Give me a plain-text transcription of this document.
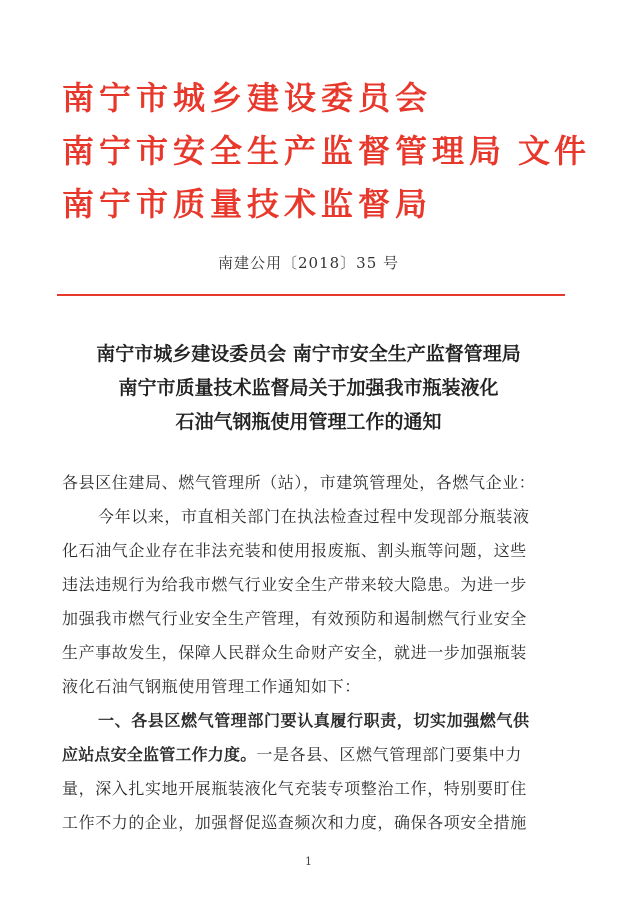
南宁市城乡建设委员会
南宁市安全生产监督管理局 文件
南宁市质量技术监督局
南建公用〔2018〕35 号
南宁市城乡建设委员会 南宁市安全生产监督管理局
南宁市质量技术监督局关于加强我市瓶装液化
石油气钢瓶使用管理工作的通知

各县区住建局、燃气管理所（站），市建筑管理处，各燃气企业：

今年以来，市直相关部门在执法检查过程中发现部分瓶装液

化石油气企业存在非法充装和使用报废瓶、割头瓶等问题，这些

违法违规行为给我市燃气行业安全生产带来较大隐患。为进一步

加强我市燃气行业安全生产管理，有效预防和遏制燃气行业安全

生产事故发生，保障人民群众生命财产安全，就进一步加强瓶装

液化石油气钢瓶使用管理工作通知如下：

一、各县区燃气管理部门要认真履行职责，切实加强燃气供

应站点安全监管工作力度。一是各县、区燃气管理部门要集中力

量，深入扎实地开展瓶装液化气充装专项整治工作，特别要盯住

工作不力的企业，加强督促巡查频次和力度，确保各项安全措施

1
